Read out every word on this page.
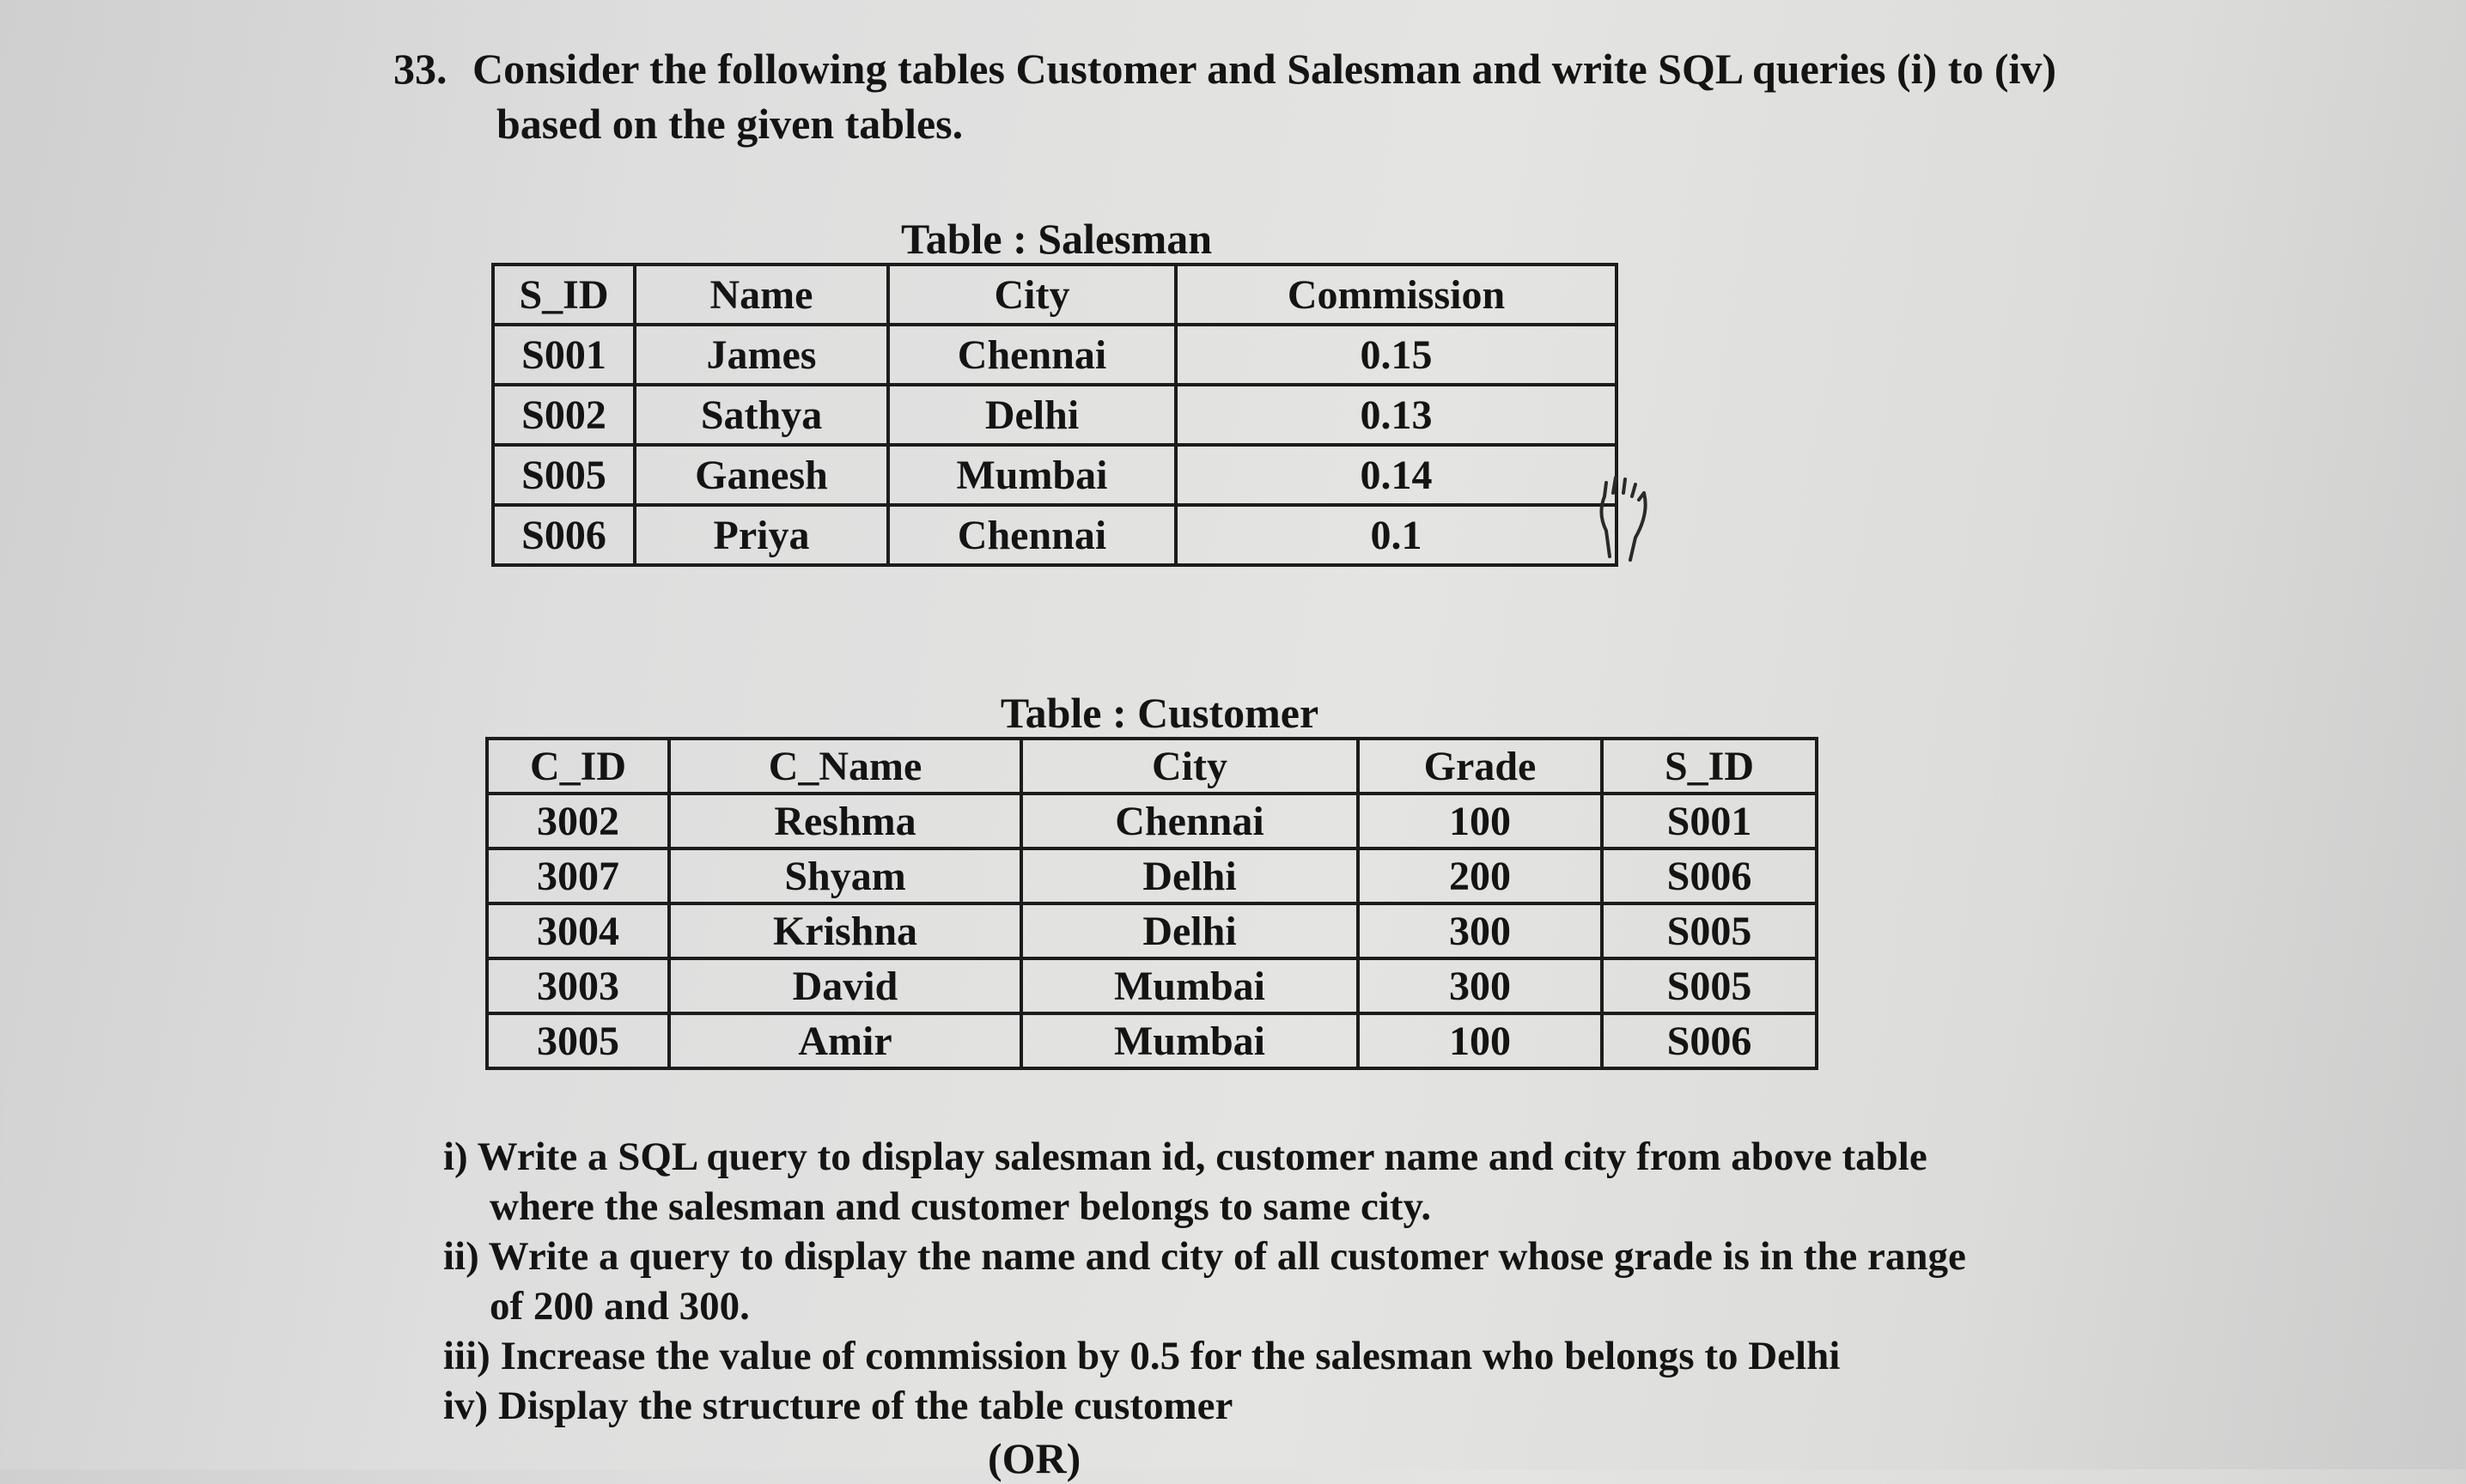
33. Consider the following tables Customer and Salesman and write SQL queries (i) to (iv)
based on the given tables.
Table : Salesman
S_ID	Name	City	Commission
S001	James	Chennai	0.15
S002	Sathya	Delhi	0.13
S005	Ganesh	Mumbai	0.14
S006	Priya	Chennai	0.1
Table : Customer
C_ID	C_Name	City	Grade	S_ID
3002	Reshma	Chennai	100	S001
3007	Shyam	Delhi	200	S006
3004	Krishna	Delhi	300	S005
3003	David	Mumbai	300	S005
3005	Amir	Mumbai	100	S006
i) Write a SQL query to display salesman id, customer name and city from above table
where the salesman and customer belongs to same city.
ii) Write a query to display the name and city of all customer whose grade is in the range
of 200 and 300.
iii) Increase the value of commission by 0.5 for the salesman who belongs to Delhi
iv) Display the structure of the table customer
(OR)
